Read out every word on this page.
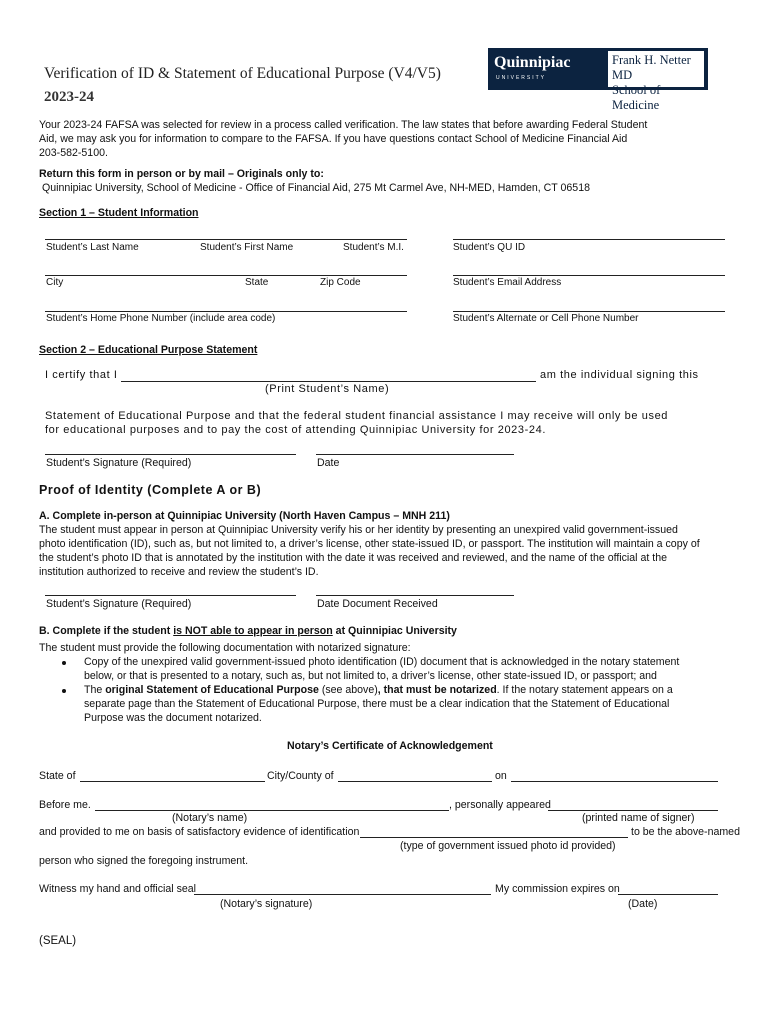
Verification of ID & Statement of Educational Purpose (V4/V5)
2023-24
Quinnipiac
UNIVERSITY
Frank H. Netter MD
School of Medicine
Your 2023-24 FAFSA was selected for review in a process called verification. The law states that before awarding Federal Student
Aid, we may ask you for information to compare to the FAFSA. If you have questions contact School of Medicine Financial Aid
203-582-5100.
Return this form in person or by mail – Originals only to:
Quinnipiac University, School of Medicine - Office of Financial Aid, 275 Mt Carmel Ave, NH-MED, Hamden, CT 06518
Section 1 – Student Information
Student’s Last Name	Student’s First Name	Student’s M.I.	Student’s QU ID
City	State	Zip Code	Student’s Email Address
Student’s Home Phone Number (include area code)	Student’s Alternate or Cell Phone Number
Section 2 – Educational Purpose Statement
I certify that I	am the individual signing this
(Print Student’s Name)
Statement of Educational Purpose and that the federal student financial assistance I may receive will only be used
for educational purposes and to pay the cost of attending Quinnipiac University for 2023-24.
Student’s Signature (Required)	Date
Proof of Identity (Complete A or B)
A. Complete in-person at Quinnipiac University (North Haven Campus – MNH 211)
The student must appear in person at Quinnipiac University verify his or her identity by presenting an unexpired valid government-issued
photo identification (ID), such as, but not limited to, a driver’s license, other state-issued ID, or passport. The institution will maintain a copy of
the student’s photo ID that is annotated by the institution with the date it was received and reviewed, and the name of the official at the
institution authorized to receive and review the student’s ID.
Student’s Signature (Required)	Date Document Received
B. Complete if the student is NOT able to appear in person at Quinnipiac University
The student must provide the following documentation with notarized signature:
Copy of the unexpired valid government-issued photo identification (ID) document that is acknowledged in the notary statement
below, or that is presented to a notary, such as, but not limited to, a driver’s license, other state-issued ID, or passport; and
The original Statement of Educational Purpose (see above), that must be notarized. If the notary statement appears on a
separate page than the Statement of Educational Purpose, there must be a clear indication that the Statement of Educational
Purpose was the document notarized.
Notary’s Certificate of Acknowledgement
State of	City/County of	on
Before me.	, personally appeared
(Notary’s name)	(printed name of signer)
and provided to me on basis of satisfactory evidence of identification	to be the above-named
(type of government issued photo id provided)
person who signed the foregoing instrument.
Witness my hand and official seal	My commission expires on
(Notary’s signature)	(Date)
(SEAL)
